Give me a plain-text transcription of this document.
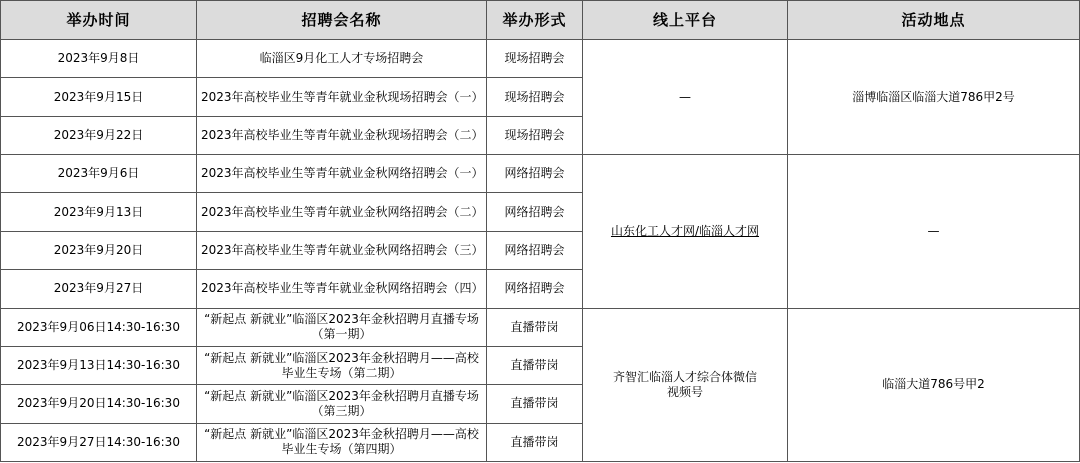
举办时间	招聘会名称	举办形式	线上平台	活动地点
2023年9月8日	临淄区9月化工人才专场招聘会	现场招聘会	—	淄博临淄区临淄大道786甲2号
2023年9月15日	2023年高校毕业生等青年就业金秋现场招聘会（一）	现场招聘会		
2023年9月22日	2023年高校毕业生等青年就业金秋现场招聘会（二）	现场招聘会		
2023年9月6日	2023年高校毕业生等青年就业金秋网络招聘会（一）	网络招聘会	山东化工人才网/临淄人才网	—
2023年9月13日	2023年高校毕业生等青年就业金秋网络招聘会（二）	网络招聘会		
2023年9月20日	2023年高校毕业生等青年就业金秋网络招聘会（三）	网络招聘会		
2023年9月27日	2023年高校毕业生等青年就业金秋网络招聘会（四）	网络招聘会		
2023年9月06日14:30-16:30	“新起点 新就业”临淄区2023年金秋招聘月直播专场（第一期）	直播带岗	齐智汇临淄人才综合体微信视频号	临淄大道786号甲2
2023年9月13日14:30-16:30	“新起点 新就业”临淄区2023年金秋招聘月——高校毕业生专场（第二期）	直播带岗		
2023年9月20日14:30-16:30	“新起点 新就业”临淄区2023年金秋招聘月直播专场（第三期）	直播带岗		
2023年9月27日14:30-16:30	“新起点 新就业”临淄区2023年金秋招聘月——高校毕业生专场（第四期）	直播带岗		
